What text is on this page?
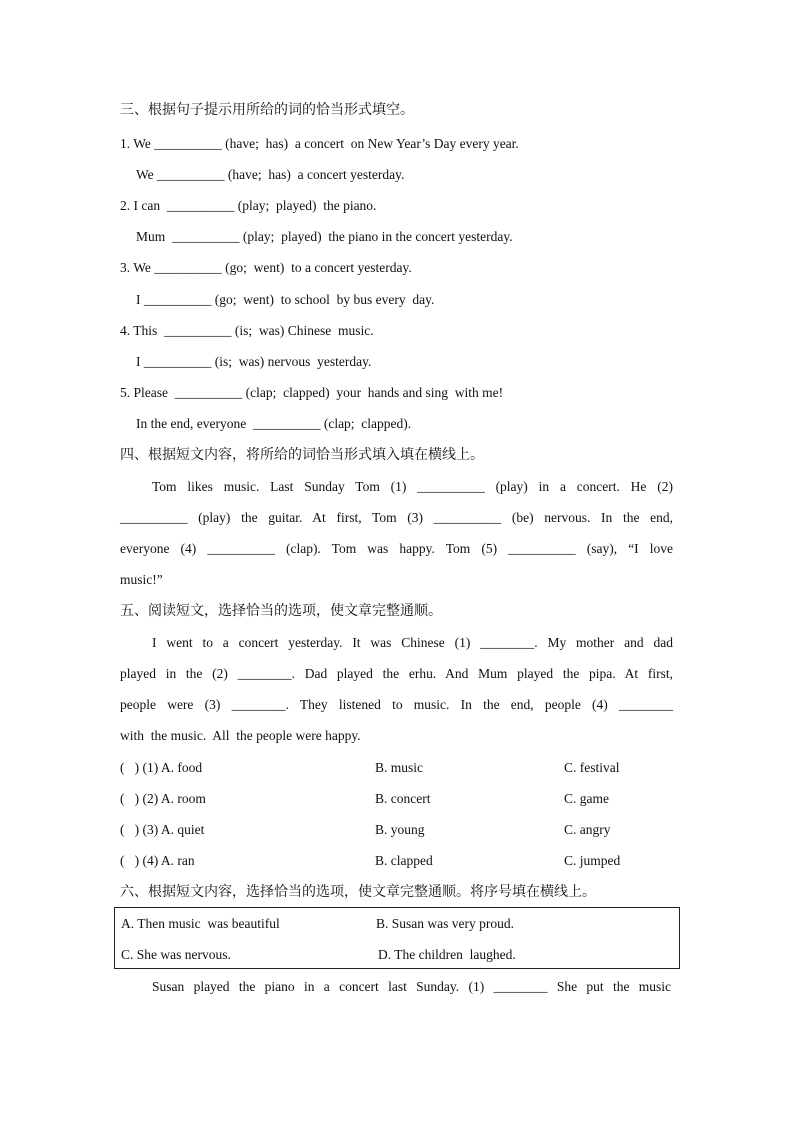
三、根据句子提示用所给的词的恰当形式填空。
1. We __________ (have;  has)  a concert  on New Year’s Day every year.
We __________ (have;  has)  a concert yesterday.
2. I can  __________ (play;  played)  the piano.
Mum  __________ (play;  played)  the piano in the concert yesterday.
3. We __________ (go;  went)  to a concert yesterday.
I __________ (go;  went)  to school  by bus every  day.
4. This  __________ (is;  was) Chinese  music.
I __________ (is;  was) nervous  yesterday.
5. Please  __________ (clap;  clapped)  your  hands and sing  with me!
In the end, everyone  __________ (clap;  clapped).
四、根据短文内容，将所给的词恰当形式填入填在横线上。
Tom likes music. Last Sunday Tom (1) __________ (play) in a concert. He (2)
__________ (play) the guitar. At first, Tom (3) __________ (be) nervous. In the end,
everyone (4) __________ (clap). Tom was happy. Tom (5) __________ (say), “I love
music!”
五、阅读短文，选择恰当的选项，使文章完整通顺。
I went to a concert yesterday. It was Chinese (1) ________. My mother and dad
played in the (2) ________. Dad played the erhu. And Mum played the pipa. At first,
people were (3) ________. They listened to music. In the end, people (4) ________
with  the music.  All  the people were happy.
(   ) (1) A. food	B. music	C. festival
(   ) (2) A. room	B. concert	C. game
(   ) (3) A. quiet	B. young	C. angry
(   ) (4) A. ran	B. clapped	C. jumped
六、根据短文内容，选择恰当的选项，使文章完整通顺。将序号填在横线上。
A. Then music  was beautiful	B. Susan was very proud.
C. She was nervous.	D. The children  laughed.
Susan played the piano in a concert last Sunday. (1) ________ She put the music
